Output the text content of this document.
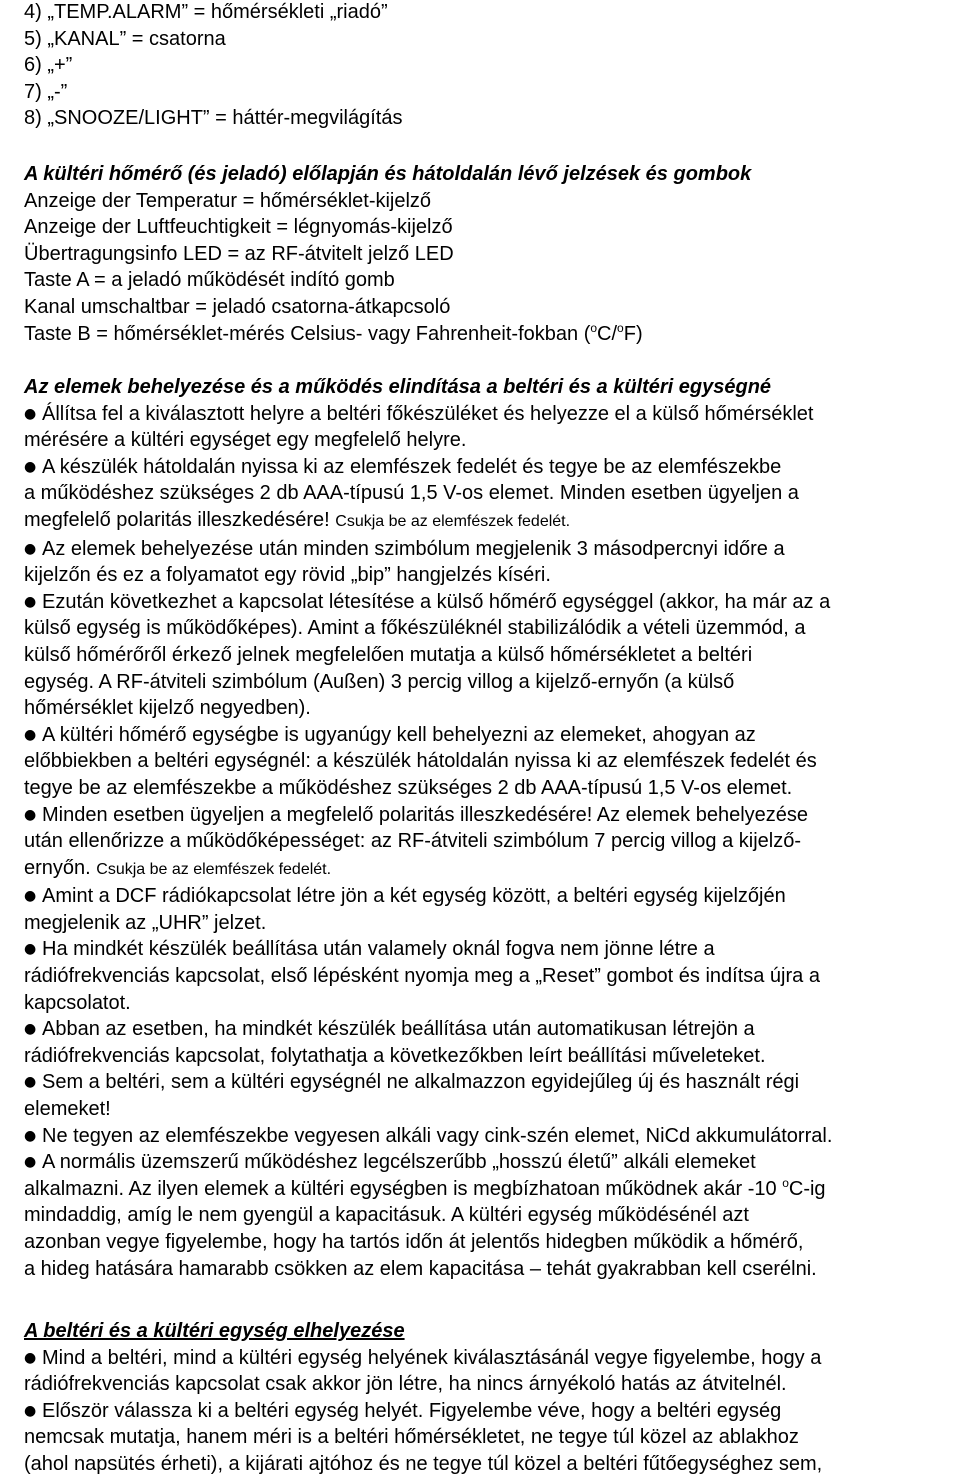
4) „TEMP.ALARM” = hőmérsékleti „riadó”

5) „KANAL” = csatorna

6) „+”

7) „-”

8) „SNOOZE/LIGHT” = háttér-megvilágítás

A kültéri hőmérő (és jeladó) előlapján és hátoldalán lévő jelzések és gombok

Anzeige der Temperatur = hőmérséklet-kijelző

Anzeige der Luftfeuchtigkeit = légnyomás-kijelző

Übertragungsinfo LED = az RF-átvitelt jelző LED

Taste A = a jeladó működését indító gomb

Kanal umschaltbar = jeladó csatorna-átkapcsoló

Taste B = hőmérséklet-mérés Celsius- vagy Fahrenheit-fokban ($^o$C/$^o$F)

Az elemek behelyezése és a működés elindítása a beltéri és a kültéri egységné

● Állítsa fel a kiválasztott helyre a beltéri főkészüléket és helyezze el a külső hőmérséklet

mérésére a kültéri egységet egy megfelelő helyre.

● A készülék hátoldalán nyissa ki az elemfészek fedelét és tegye be az elemfészekbe

a működéshez szükséges 2 db AAA-típusú 1,5 V-os elemet. Minden esetben ügyeljen a

megfelelő polaritás illeszkedésére! Csukja be az elemfészek fedelét.

● Az elemek behelyezése után minden szimbólum megjelenik 3 másodpercnyi időre a

kijelzőn és ez a folyamatot egy rövid „bip” hangjelzés kíséri.

● Ezután következhet a kapcsolat létesítése a külső hőmérő egységgel (akkor, ha már az a

külső egység is működőképes). Amint a főkészüléknél stabilizálódik a vételi üzemmód, a

külső hőmérőről érkező jelnek megfelelően mutatja a külső hőmérsékletet a beltéri

egység. A RF-átviteli szimbólum (Außen) 3 percig villog a kijelző-ernyőn (a külső

hőmérséklet kijelző negyedben).

● A kültéri hőmérő egységbe is ugyanúgy kell behelyezni az elemeket, ahogyan az

előbbiekben a beltéri egységnél: a készülék hátoldalán nyissa ki az elemfészek fedelét és

tegye be az elemfészekbe a működéshez szükséges 2 db AAA-típusú 1,5 V-os elemet.

● Minden esetben ügyeljen a megfelelő polaritás illeszkedésére! Az elemek behelyezése

után ellenőrizze a működőképességet: az RF-átviteli szimbólum 7 percig villog a kijelző-

ernyőn. Csukja be az elemfészek fedelét.

● Amint a DCF rádiókapcsolat létre jön a két egység között, a beltéri egység kijelzőjén

megjelenik az „UHR” jelzet.

● Ha mindkét készülék beállítása után valamely oknál fogva nem jönne létre a

rádiófrekvenciás kapcsolat, első lépésként nyomja meg a „Reset” gombot és indítsa újra a

kapcsolatot.

● Abban az esetben, ha mindkét készülék beállítása után automatikusan létrejön a

rádiófrekvenciás kapcsolat, folytathatja a következőkben leírt beállítási műveleteket.

● Sem a beltéri, sem a kültéri egységnél ne alkalmazzon egyidejűleg új és használt régi

elemeket!

● Ne tegyen az elemfészekbe vegyesen alkáli vagy cink-szén elemet, NiCd akkumulátorral.

● A normális üzemszerű működéshez legcélszerűbb „hosszú életű” alkáli elemeket

alkalmazni. Az ilyen elemek a kültéri egységben is megbízhatoan működnek akár -10 $^o$C-ig

mindaddig, amíg le nem gyengül a kapacitásuk. A kültéri egység működésénél azt

azonban vegye figyelembe, hogy ha tartós időn át jelentős hidegben működik a hőmérő,

a hideg hatására hamarabb csökken az elem kapacitása – tehát gyakrabban kell cserélni.

A beltéri és a kültéri egység elhelyezése

● Mind a beltéri, mind a kültéri egység helyének kiválasztásánál vegye figyelembe, hogy a

rádiófrekvenciás kapcsolat csak akkor jön létre, ha nincs árnyékoló hatás az átvitelnél.

● Először válassza ki a beltéri egység helyét. Figyelembe véve, hogy a beltéri egység

nemcsak mutatja, hanem méri is a beltéri hőmérsékletet, ne tegye túl közel az ablakhoz

(ahol napsütés érheti), a kijárati ajtóhoz és ne tegye túl közel a beltéri fűtőegységhez sem,
